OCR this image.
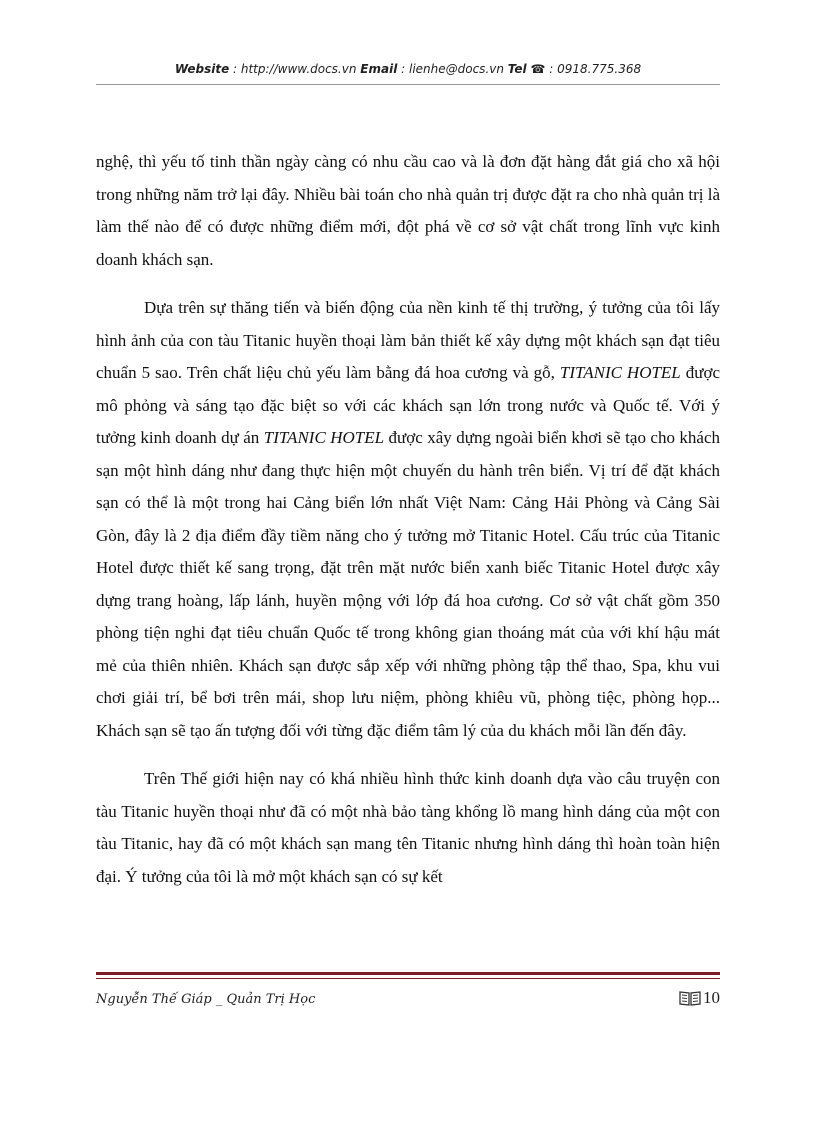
Website : http://www.docs.vn Email : lienhe@docs.vn Tel ☎ : 0918.775.368

nghệ, thì yếu tố tinh thần ngày càng có nhu cầu cao và là đơn đặt hàng đắt giá cho xã hội trong những năm trở lại đây. Nhiều bài toán cho nhà quản trị được đặt ra cho nhà quản trị là làm thế nào để có được những điểm mới, đột phá về cơ sở vật chất trong lĩnh vực kinh doanh khách sạn.

Dựa trên sự thăng tiến và biến động của nền kinh tế thị trường, ý tưởng của tôi lấy hình ảnh của con tàu Titanic huyền thoại làm bản thiết kế xây dựng một khách sạn đạt tiêu chuẩn 5 sao. Trên chất liệu chủ yếu làm bằng đá hoa cương và gỗ, TITANIC HOTEL được mô phỏng và sáng tạo đặc biệt so với các khách sạn lớn trong nước và Quốc tế. Với ý tưởng kinh doanh dự án TITANIC HOTEL được xây dựng ngoài biển khơi sẽ tạo cho khách sạn một hình dáng như đang thực hiện một chuyến du hành trên biển. Vị trí để đặt khách sạn có thể là một trong hai Cảng biển lớn nhất Việt Nam: Cảng Hải Phòng và Cảng Sài Gòn, đây là 2 địa điểm đầy tiềm năng cho ý tưởng mở Titanic Hotel. Cấu trúc của Titanic Hotel được thiết kế sang trọng, đặt trên mặt nước biển xanh biếc Titanic Hotel được xây dựng trang hoàng, lấp lánh, huyền mộng với lớp đá hoa cương. Cơ sở vật chất gồm 350 phòng tiện nghi đạt tiêu chuẩn Quốc tế trong không gian thoáng mát của với khí hậu mát mẻ của thiên nhiên. Khách sạn được sắp xếp với những phòng tập thể thao, Spa, khu vui chơi giải trí, bể bơi trên mái, shop lưu niệm, phòng khiêu vũ, phòng tiệc, phòng họp... Khách sạn sẽ tạo ấn tượng đối với từng đặc điểm tâm lý của du khách mỗi lần đến đây.

Trên Thế giới hiện nay có khá nhiều hình thức kinh doanh dựa vào câu truyện con tàu Titanic huyền thoại như đã có một nhà bảo tàng khổng lồ mang hình dáng của một con tàu Titanic, hay đã có một khách sạn mang tên Titanic nhưng hình dáng thì hoàn toàn hiện đại. Ý tưởng của tôi là mở một khách sạn có sự kết

Nguyễn Thế Giáp _ Quản Trị Học	10
